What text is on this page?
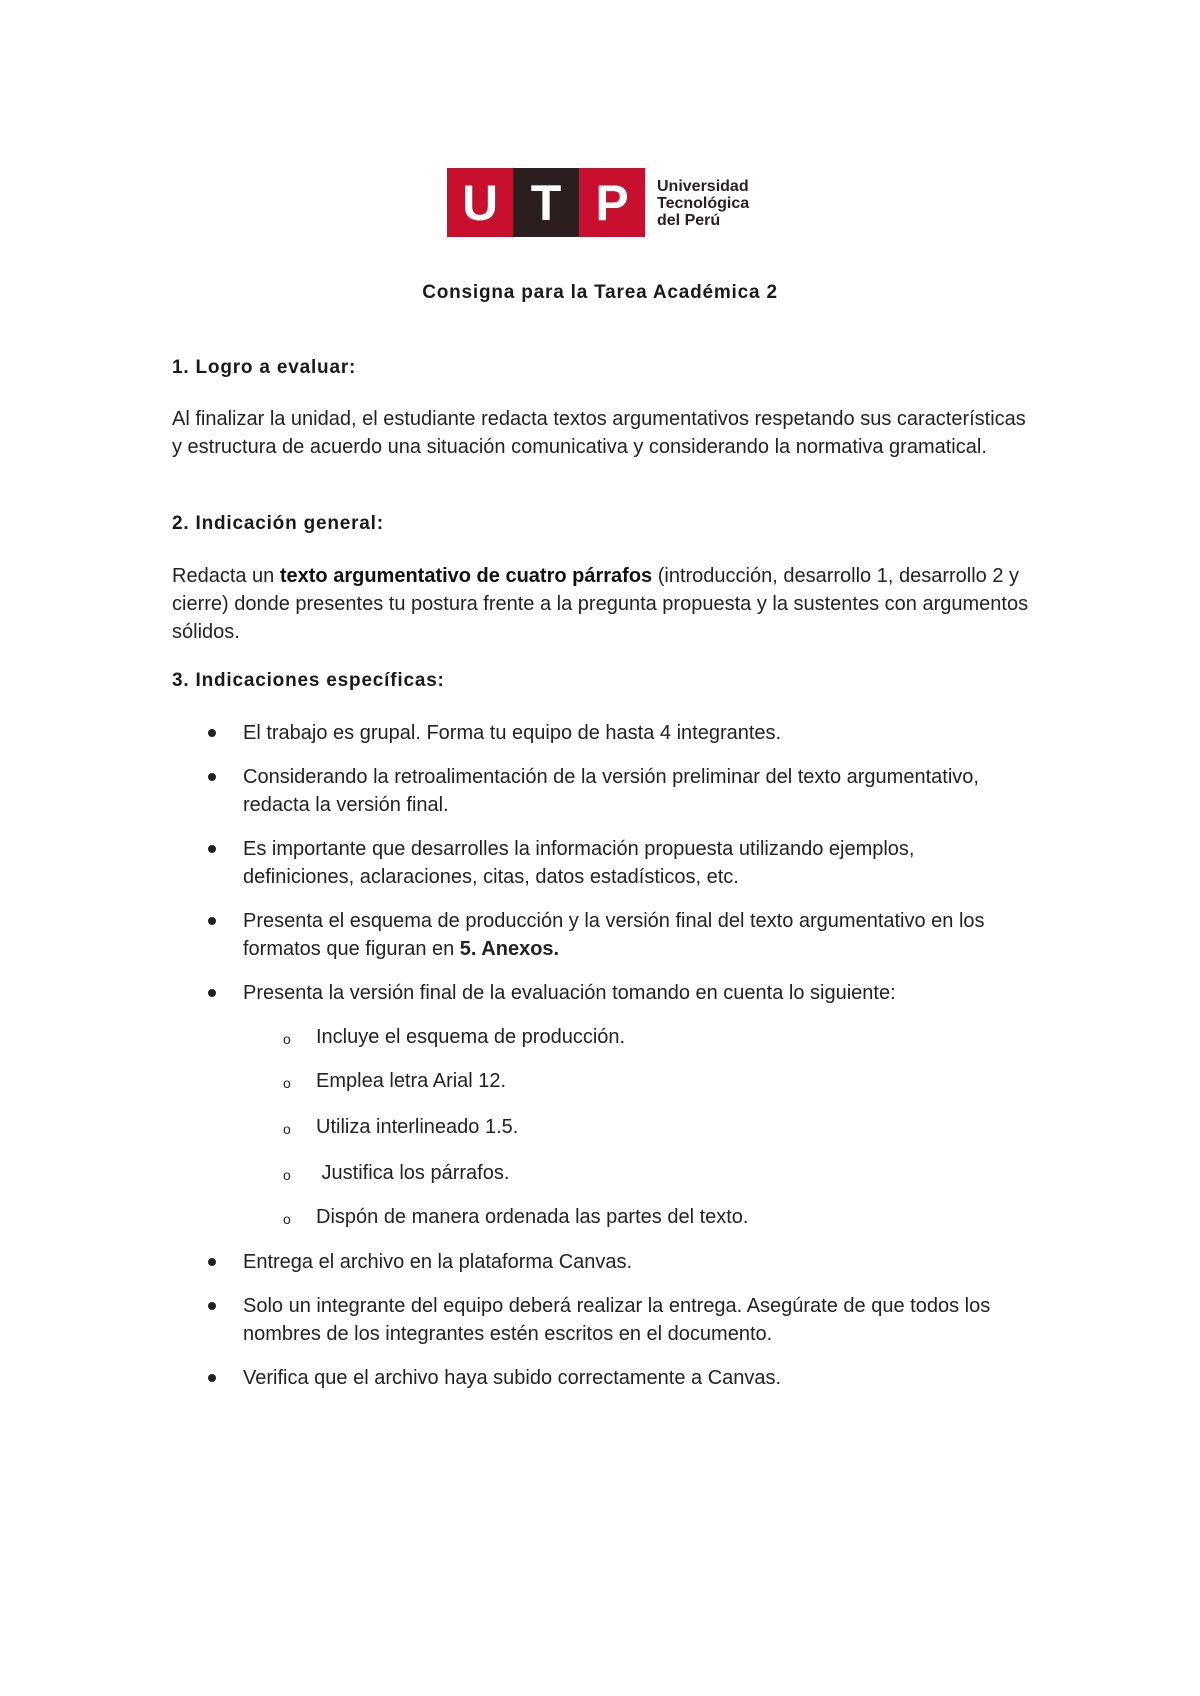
U T P	Universidad
Tecnológica
del Perú
Consigna para la Tarea Académica 2
1. Logro a evaluar:
Al finalizar la unidad, el estudiante redacta textos argumentativos respetando sus características y estructura de acuerdo una situación comunicativa y considerando la normativa gramatical.
2. Indicación general:
Redacta un texto argumentativo de cuatro párrafos (introducción, desarrollo 1, desarrollo 2 y cierre) donde presentes tu postura frente a la pregunta propuesta y la sustentes con argumentos sólidos.
3. Indicaciones específicas:
El trabajo es grupal. Forma tu equipo de hasta 4 integrantes.
Considerando la retroalimentación de la versión preliminar del texto argumentativo, redacta la versión final.
Es importante que desarrolles la información propuesta utilizando ejemplos, definiciones, aclaraciones, citas, datos estadísticos, etc.
Presenta el esquema de producción y la versión final del texto argumentativo en los formatos que figuran en 5. Anexos.
Presenta la versión final de la evaluación tomando en cuenta lo siguiente:
o Incluye el esquema de producción.
o Emplea letra Arial 12.
o Utiliza interlineado 1.5.
o Justifica los párrafos.
o Dispón de manera ordenada las partes del texto.
Entrega el archivo en la plataforma Canvas.
Solo un integrante del equipo deberá realizar la entrega. Asegúrate de que todos los nombres de los integrantes estén escritos en el documento.
Verifica que el archivo haya subido correctamente a Canvas.
